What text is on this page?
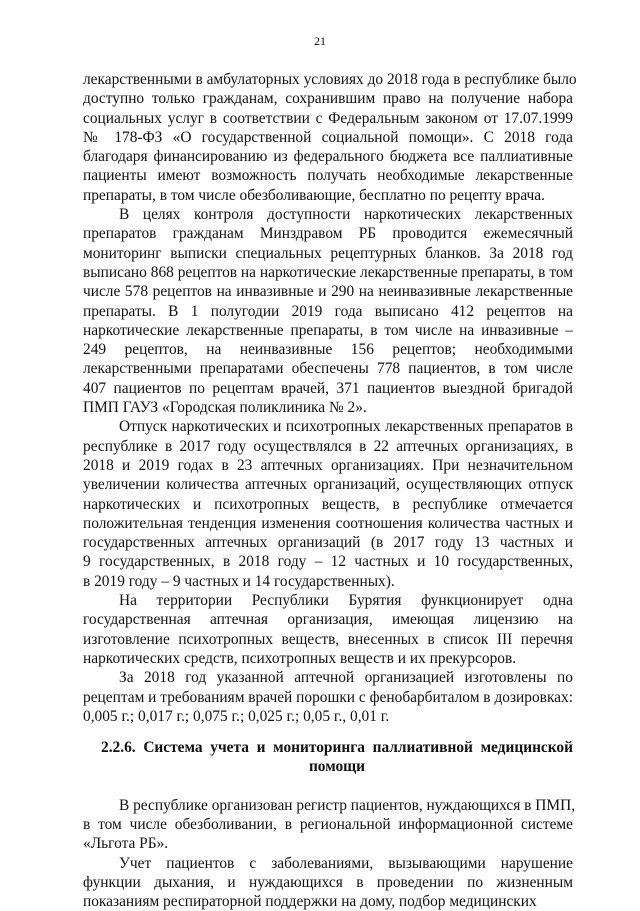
21
лекарственными в амбулаторных условиях до 2018 года в республике было
доступно только гражданам, сохранившим право на получение набора
социальных услуг в соответствии с Федеральным законом от 17.07.1999
№ 178-ФЗ «О государственной социальной помощи». С 2018 года
благодаря финансированию из федерального бюджета все паллиативные
пациенты имеют возможность получать необходимые лекарственные
препараты, в том числе обезболивающие, бесплатно по рецепту врача.
В целях контроля доступности наркотических лекарственных
препаратов гражданам Минздравом РБ проводится ежемесячный
мониторинг выписки специальных рецептурных бланков. За 2018 год
выписано 868 рецептов на наркотические лекарственные препараты, в том
числе 578 рецептов на инвазивные и 290 на неинвазивные лекарственные
препараты. В 1 полугодии 2019 года выписано 412 рецептов на
наркотические лекарственные препараты, в том числе на инвазивные –
249 рецептов, на неинвазивные 156 рецептов; необходимыми
лекарственными препаратами обеспечены 778 пациентов, в том числе
407 пациентов по рецептам врачей, 371 пациентов выездной бригадой
ПМП ГАУЗ «Городская поликлиника № 2».
Отпуск наркотических и психотропных лекарственных препаратов в
республике в 2017 году осуществлялся в 22 аптечных организациях, в
2018 и 2019 годах в 23 аптечных организациях. При незначительном
увеличении количества аптечных организаций, осуществляющих отпуск
наркотических и психотропных веществ, в республике отмечается
положительная тенденция изменения соотношения количества частных и
государственных аптечных организаций (в 2017 году 13 частных и
9 государственных, в 2018 году – 12 частных и 10 государственных,
в 2019 году – 9 частных и 14 государственных).
На территории Республики Бурятия функционирует одна
государственная аптечная организация, имеющая лицензию на
изготовление психотропных веществ, внесенных в список III перечня
наркотических средств, психотропных веществ и их прекурсоров.
За 2018 год указанной аптечной организацией изготовлены по
рецептам и требованиям врачей порошки с фенобарбиталом в дозировках:
0,005 г.; 0,017 г.; 0,075 г.; 0,025 г.; 0,05 г., 0,01 г.
2.2.6. Система учета и мониторинга паллиативной медицинской
помощи
В республике организован регистр пациентов, нуждающихся в ПМП,
в том числе обезболивании, в региональной информационной системе
«Льгота РБ».
Учет пациентов с заболеваниями, вызывающими нарушение
функции дыхания, и нуждающихся в проведении по жизненным
показаниям респираторной поддержки на дому, подбор медицинских
